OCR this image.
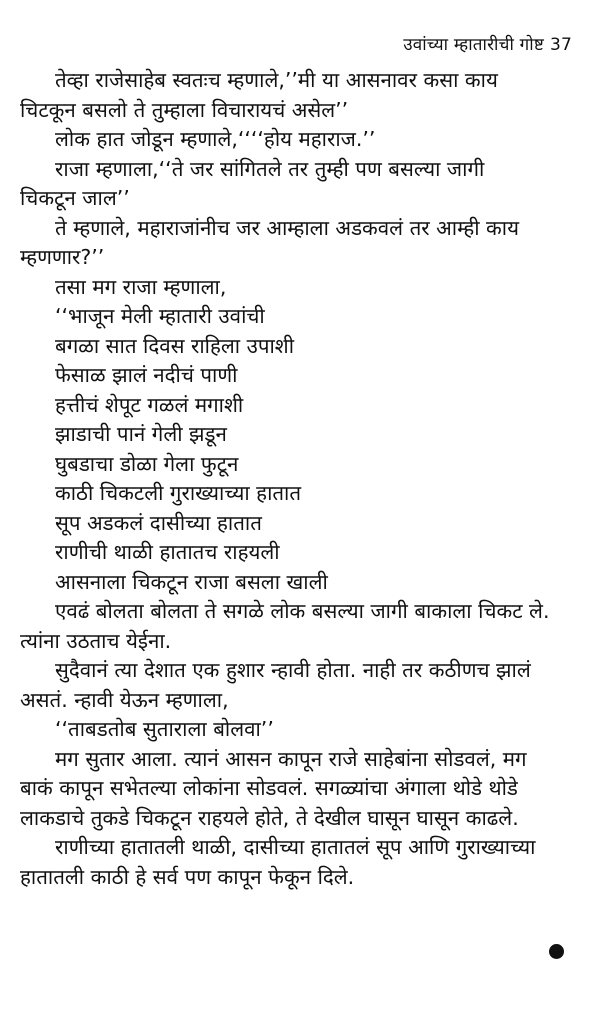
उवांच्या म्हातारीची गोष्ट 37
तेव्हा राजेसाहेब स्वतःच म्हणाले,’’मी या आसनावर कसा काय
चिटकून बसलो ते तुम्हाला विचारायचं असेल’’
लोक हात जोडून म्हणाले,‘‘‘‘होय महाराज.’’
राजा म्हणाला,‘‘ते जर सांगितले तर तुम्ही पण बसल्या जागी
चिकटून जाल’’
ते म्हणाले, महाराजांनीच जर आम्हाला अडकवलं तर आम्ही काय
म्हणणार?’’
तसा मग राजा म्हणाला,
‘‘भाजून मेली म्हातारी उवांची
बगळा सात दिवस राहिला उपाशी
फेसाळ झालं नदीचं पाणी
हत्तीचं शेपूट गळलं मगाशी
झाडाची पानं गेली झडून
घुबडाचा डोळा गेला फुटून
काठी चिकटली गुराख्याच्या हातात
सूप अडकलं दासीच्या हातात
राणीची थाळी हातातच राहयली
आसनाला चिकटून राजा बसला खाली
एवढं बोलता बोलता ते सगळे लोक बसल्या जागी बाकाला चिकट ले.
त्यांना उठताच येईना.
सुदैवानं त्या देशात एक हुशार न्हावी होता. नाही तर कठीणच झालं
असतं. न्हावी येऊन म्हणाला,
‘‘ताबडतोब सुताराला बोलवा’’
मग सुतार आला. त्यानं आसन कापून राजे साहेबांना सोडवलं, मग
बाकं कापून सभेतल्या लोकांना सोडवलं. सगळ्यांचा अंगाला थोडे थोडे
लाकडाचे तुकडे चिकटून राहयले होते, ते देखील घासून घासून काढले.
राणीच्या हातातली थाळी, दासीच्या हातातलं सूप आणि गुराख्याच्या
हातातली काठी हे सर्व पण कापून फेकून दिले.
